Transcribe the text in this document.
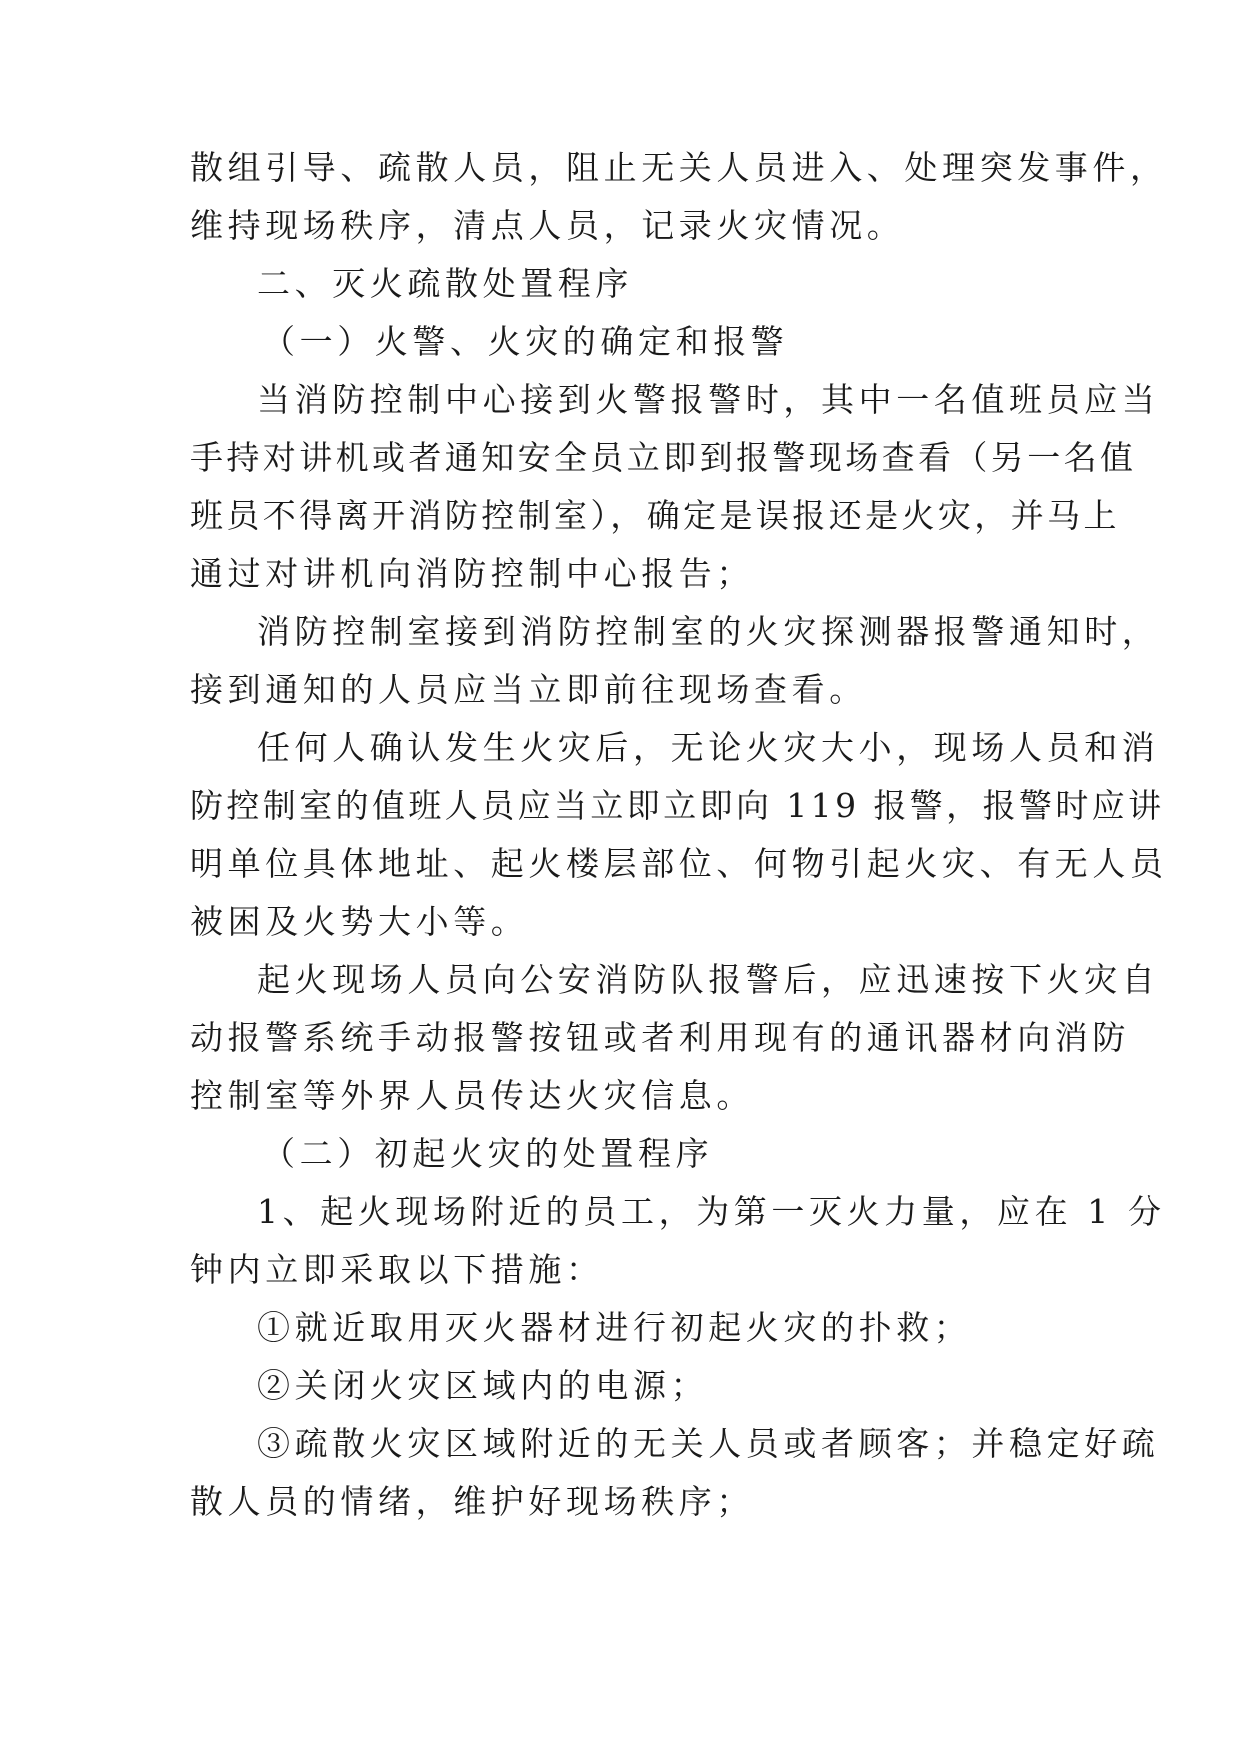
散组引导、疏散人员，阻止无关人员进入、处理突发事件，
维持现场秩序，清点人员，记录火灾情况。
二、灭火疏散处置程序
（一）火警、火灾的确定和报警
当消防控制中心接到火警报警时，其中一名值班员应当
手持对讲机或者通知安全员立即到报警现场查看（另一名值
班员不得离开消防控制室），确定是误报还是火灾，并马上
通过对讲机向消防控制中心报告；
消防控制室接到消防控制室的火灾探测器报警通知时，
接到通知的人员应当立即前往现场查看。
任何人确认发生火灾后，无论火灾大小，现场人员和消
防控制室的值班人员应当立即立即向 119 报警，报警时应讲
明单位具体地址、起火楼层部位、何物引起火灾、有无人员
被困及火势大小等。
起火现场人员向公安消防队报警后，应迅速按下火灾自
动报警系统手动报警按钮或者利用现有的通讯器材向消防
控制室等外界人员传达火灾信息。
（二）初起火灾的处置程序
1、起火现场附近的员工，为第一灭火力量，应在 1 分
钟内立即采取以下措施：
①就近取用灭火器材进行初起火灾的扑救；
②关闭火灾区域内的电源；
③疏散火灾区域附近的无关人员或者顾客；并稳定好疏
散人员的情绪，维护好现场秩序；
